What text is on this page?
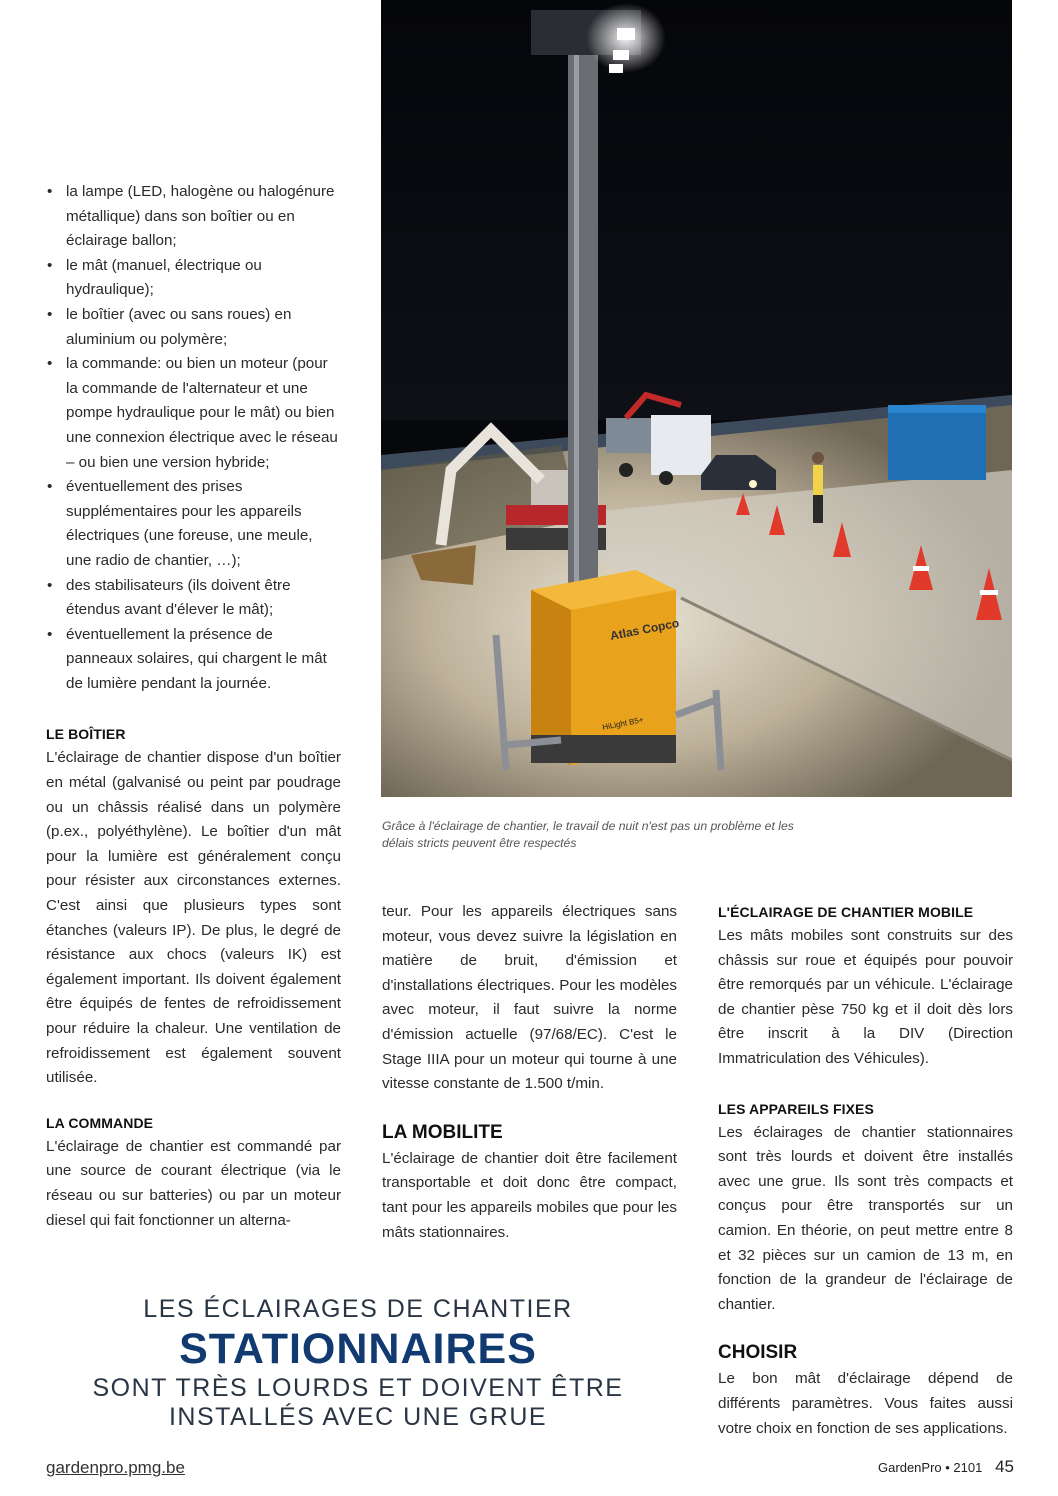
• la lampe (LED, halogène ou halogénure métallique) dans son boîtier ou en éclairage ballon;
• le mât (manuel, électrique ou hydraulique);
• le boîtier (avec ou sans roues) en aluminium ou polymère;
• la commande: ou bien un moteur (pour la commande de l'alternateur et une pompe hydraulique pour le mât) ou bien une connexion électrique avec le réseau – ou bien une version hybride;
• éventuellement des prises supplémentaires pour les appareils électriques (une foreuse, une meule, une radio de chantier, …);
• des stabilisateurs (ils doivent être étendus avant d'élever le mât);
• éventuellement la présence de panneaux solaires, qui chargent le mât de lumière pendant la journée.

LE BOÎTIER

L'éclairage de chantier dispose d'un boîtier en métal (galvanisé ou peint par poudrage ou un châssis réalisé dans un polymère (p.ex., polyéthylène). Le boîtier d'un mât pour la lumière est généralement conçu pour résister aux circonstances externes. C'est ainsi que plusieurs types sont étanches (valeurs IP). De plus, le degré de résistance aux chocs (valeurs IK) est également important. Ils doivent également être équipés de fentes de refroidissement pour réduire la chaleur. Une ventilation de refroidissement est également souvent utilisée.

LA COMMANDE

L'éclairage de chantier est commandé par une source de courant électrique (via le réseau ou sur batteries) ou par un moteur diesel qui fait fonctionner un alterna-

Atlas Copco
HiLight B5+
Grâce à l'éclairage de chantier, le travail de nuit n'est pas un problème et les délais stricts peuvent être respectés

teur. Pour les appareils électriques sans moteur, vous devez suivre la législation en matière de bruit, d'émission et d'installations électriques. Pour les modèles avec moteur, il faut suivre la norme d'émission actuelle (97/68/EC). C'est le Stage IIIA pour un moteur qui tourne à une vitesse constante de 1.500 t/min.

LA MOBILITE

L'éclairage de chantier doit être facilement transportable et doit donc être compact, tant pour les appareils mobiles que pour les mâts stationnaires.

L'ÉCLAIRAGE DE CHANTIER MOBILE

Les mâts mobiles sont construits sur des châssis sur roue et équipés pour pouvoir être remorqués par un véhicule. L'éclairage de chantier pèse 750 kg et il doit dès lors être inscrit à la DIV (Direction Immatriculation des Véhicules).

LES APPAREILS FIXES

Les éclairages de chantier stationnaires sont très lourds et doivent être installés avec une grue. Ils sont très compacts et conçus pour être transportés sur un camion. En théorie, on peut mettre entre 8 et 32 pièces sur un camion de 13 m, en fonction de la grandeur de l'éclairage de chantier.

CHOISIR

Le bon mât d'éclairage dépend de différents paramètres. Vous faites aussi votre choix en fonction de ses applications.

LES ÉCLAIRAGES DE CHANTIER
STATIONNAIRES
SONT TRÈS LOURDS ET DOIVENT ÊTRE INSTALLÉS AVEC UNE GRUE
gardenpro.pmg.be	GardenPro • 2101 45
